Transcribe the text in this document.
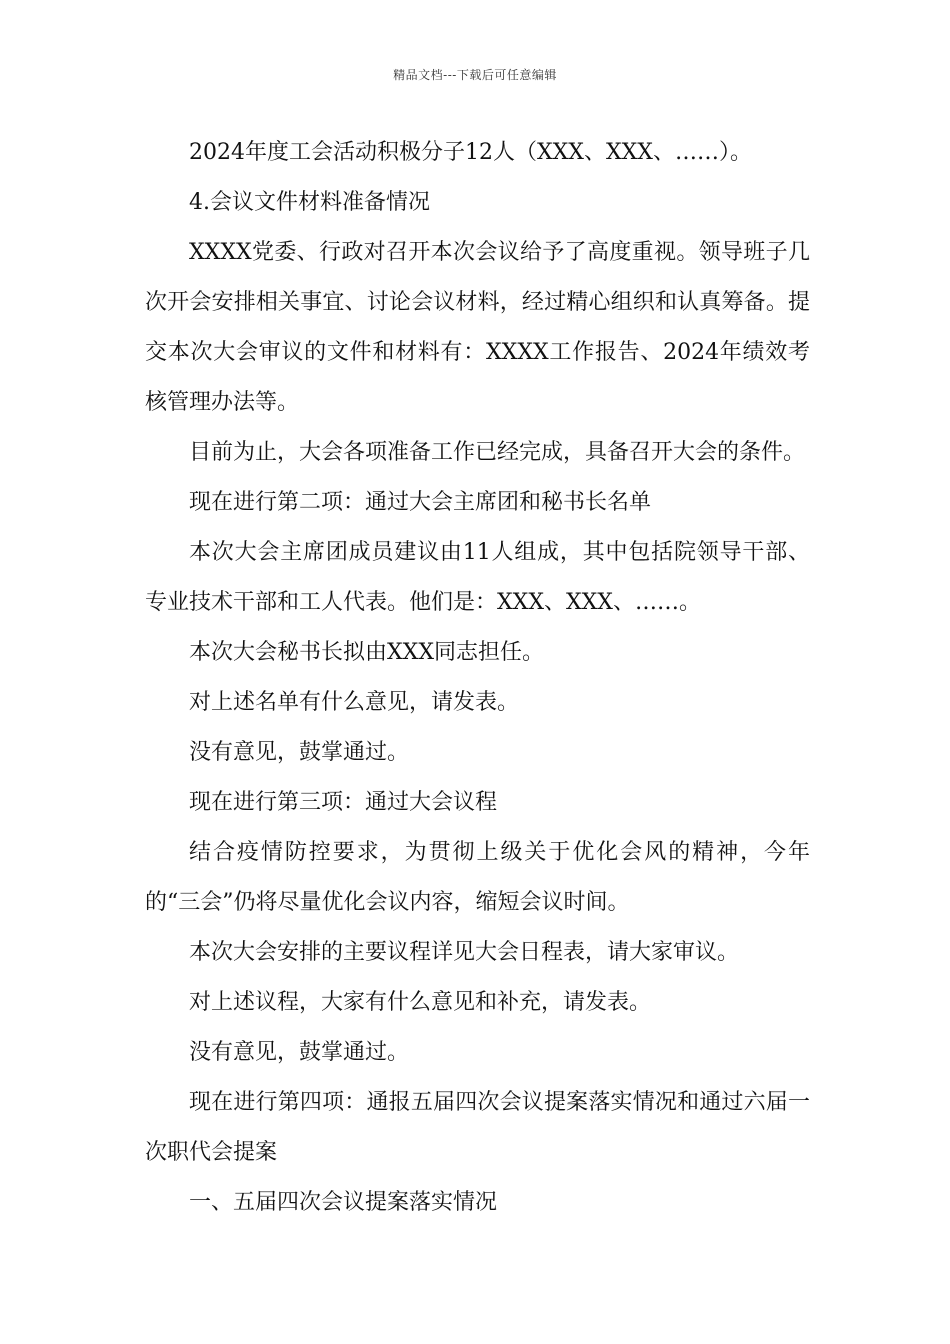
精品文档---下载后可任意编辑

2024年度工会活动积极分子12人（XXX、XXX、……）。

4.会议文件材料准备情况

XXXX党委、行政对召开本次会议给予了高度重视。领导班子几次开会安排相关事宜、讨论会议材料，经过精心组织和认真筹备。提交本次大会审议的文件和材料有：XXXX工作报告、2024年绩效考核管理办法等。

目前为止，大会各项准备工作已经完成，具备召开大会的条件。

现在进行第二项：通过大会主席团和秘书长名单

本次大会主席团成员建议由11人组成，其中包括院领导干部、专业技术干部和工人代表。他们是：XXX、XXX、……。

本次大会秘书长拟由XXX同志担任。

对上述名单有什么意见，请发表。

没有意见，鼓掌通过。

现在进行第三项：通过大会议程

结合疫情防控要求，为贯彻上级关于优化会风的精神，今年的“三会”仍将尽量优化会议内容，缩短会议时间。

本次大会安排的主要议程详见大会日程表，请大家审议。

对上述议程，大家有什么意见和补充，请发表。

没有意见，鼓掌通过。

现在进行第四项：通报五届四次会议提案落实情况和通过六届一次职代会提案

一、五届四次会议提案落实情况
